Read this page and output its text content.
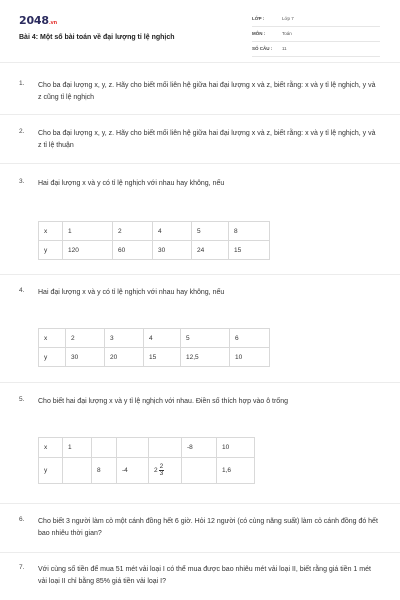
2048.vn
Bài 4: Một số bài toán về đại lượng tỉ lệ nghịch
LỚP :	Lớp 7
MÔN :	Toán
SỐ CÂU : 11
1. Cho ba đại lượng x, y, z. Hãy cho biết mối liên hệ giữa hai đại lượng x và z, biết rằng: x và y tỉ lệ nghịch, y và z cũng tỉ lệ nghịch
2. Cho ba đại lượng x, y, z. Hãy cho biết mối liên hệ giữa hai đại lượng x và z, biết rằng: x và y tỉ lệ nghịch, y và z tỉ lệ thuận
3. Hai đại lượng x và y có tỉ lệ nghịch với nhau hay không, nếu
x	1	2	4	5	8
y	120	60	30	24	15
4. Hai đại lượng x và y có tỉ lệ nghịch với nhau hay không, nếu
x	2	3	4	5	6
y	30	20	15	12,5	10
5. Cho biết hai đại lượng x và y tỉ lệ nghịch với nhau. Điền số thích hợp vào ô trống
x	1				-8	10
y		8	-4	$2 \frac{2}{3}$		1,6
6. Cho biết 3 người làm cỏ một cánh đồng hết 6 giờ. Hỏi 12 người (có cùng năng suất) làm cỏ cánh đồng đó hết bao nhiêu thời gian?
7. Với cùng số tiền để mua 51 mét vải loại I có thể mua được bao nhiêu mét vải loại II, biết rằng giá tiền 1 mét vải loại II chỉ bằng 85% giá tiền vải loại I?
